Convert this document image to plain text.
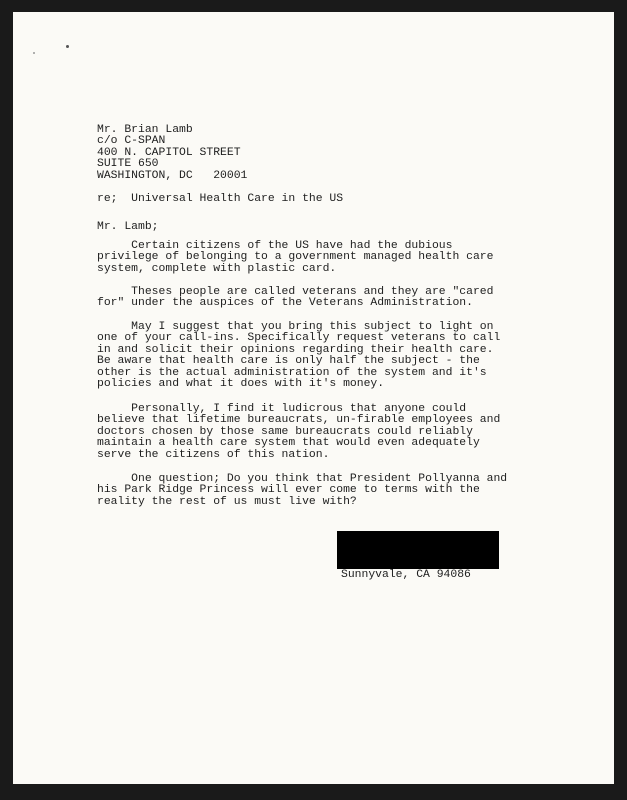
Mr. Brian Lamb
c/o C-SPAN
400 N. CAPITOL STREET
SUITE 650
WASHINGTON, DC   20001
re;  Universal Health Care in the US
Mr. Lamb;
Certain citizens of the US have had the dubious
privilege of belonging to a government managed health care
system, complete with plastic card.
Theses people are called veterans and they are "cared
for" under the auspices of the Veterans Administration.
May I suggest that you bring this subject to light on
one of your call-ins. Specifically request veterans to call
in and solicit their opinions regarding their health care.
Be aware that health care is only half the subject - the
other is the actual administration of the system and it's
policies and what it does with it's money.
Personally, I find it ludicrous that anyone could
believe that lifetime bureaucrats, un-firable employees and
doctors chosen by those same bureaucrats could reliably
maintain a health care system that would even adequately
serve the citizens of this nation.
One question; Do you think that President Pollyanna and
his Park Ridge Princess will ever come to terms with the
reality the rest of us must live with?
Sunnyvale, CA 94086
